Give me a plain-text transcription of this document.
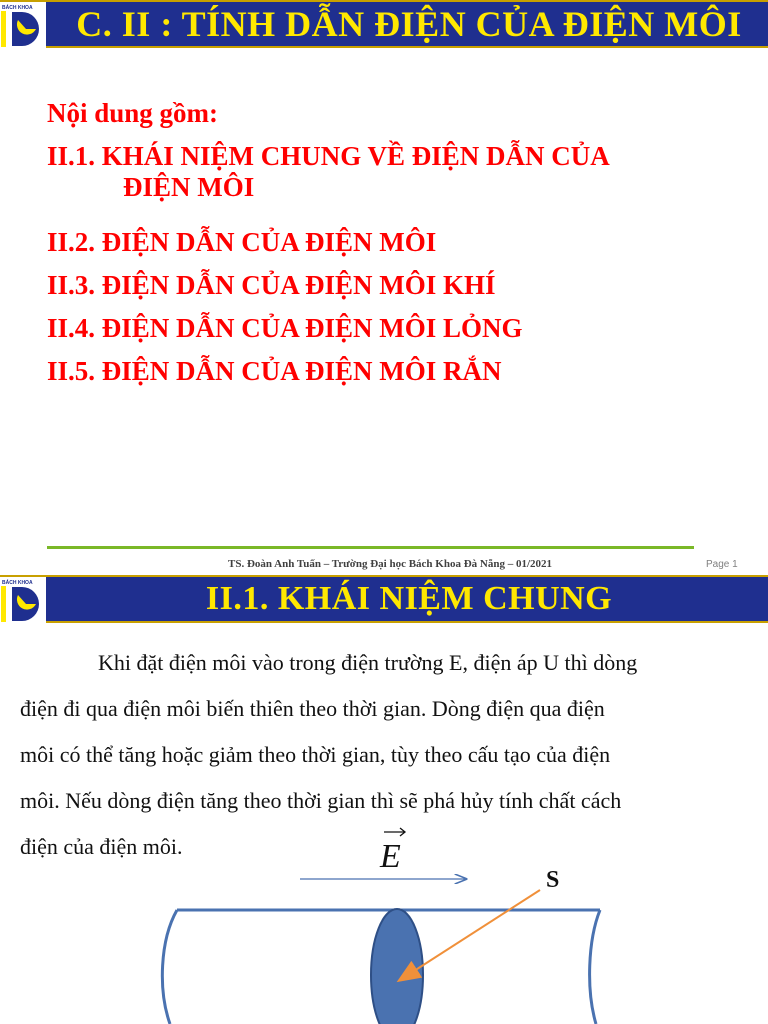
BÁCH KHOA	C. II : TÍNH DẪN ĐIỆN CỦA ĐIỆN MÔI
Nội dung gồm:
II.1. KHÁI NIỆM CHUNG VỀ ĐIỆN DẪN CỦA
ĐIỆN MÔI
II.2. ĐIỆN DẪN CỦA ĐIỆN MÔI
II.3. ĐIỆN DẪN CỦA ĐIỆN MÔI KHÍ
II.4. ĐIỆN DẪN CỦA ĐIỆN MÔI LỎNG
II.5. ĐIỆN DẪN CỦA ĐIỆN MÔI RẮN
TS. Đoàn Anh Tuấn – Trường Đại học Bách Khoa Đà Nẵng – 01/2021	Page 1
BÁCH KHOA	II.1. KHÁI NIỆM CHUNG
Khi đặt điện môi vào trong điện trường E, điện áp U thì dòng
điện đi qua điện môi biến thiên theo thời gian. Dòng điện qua điện
môi có thể tăng hoặc giảm theo thời gian, tùy theo cấu tạo của điện
môi. Nếu dòng điện tăng theo thời gian thì sẽ phá hủy tính chất cách
điện của điện môi.	E
S
